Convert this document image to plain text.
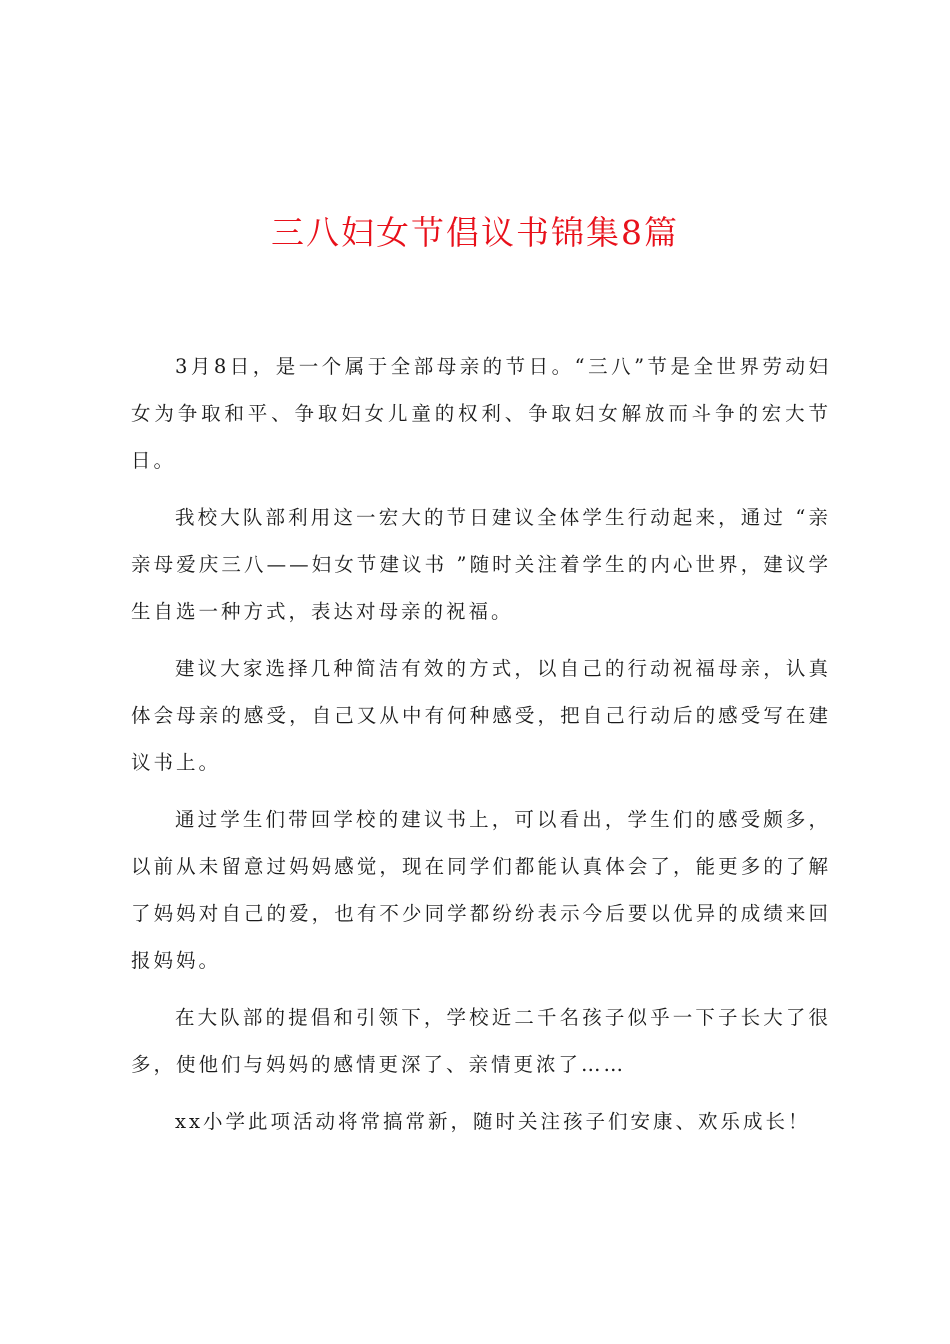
三八妇女节倡议书锦集8篇

3月8日，是一个属于全部母亲的节日。“三八”节是全世界劳动妇女为争取和平、争取妇女儿童的权利、争取妇女解放而斗争的宏大节日。

我校大队部利用这一宏大的节日建议全体学生行动起来，通过 “亲亲母爱庆三八——妇女节建议书 ”随时关注着学生的内心世界，建议学生自选一种方式，表达对母亲的祝福。

建议大家选择几种简洁有效的方式，以自己的行动祝福母亲，认真体会母亲的感受，自己又从中有何种感受，把自己行动后的感受写在建议书上。

通过学生们带回学校的建议书上，可以看出，学生们的感受颇多，以前从未留意过妈妈感觉，现在同学们都能认真体会了，能更多的了解了妈妈对自己的爱，也有不少同学都纷纷表示今后要以优异的成绩来回报妈妈。

在大队部的提倡和引领下，学校近二千名孩子似乎一下子长大了很多，使他们与妈妈的感情更深了、亲情更浓了……

xx小学此项活动将常搞常新，随时关注孩子们安康、欢乐成长！
